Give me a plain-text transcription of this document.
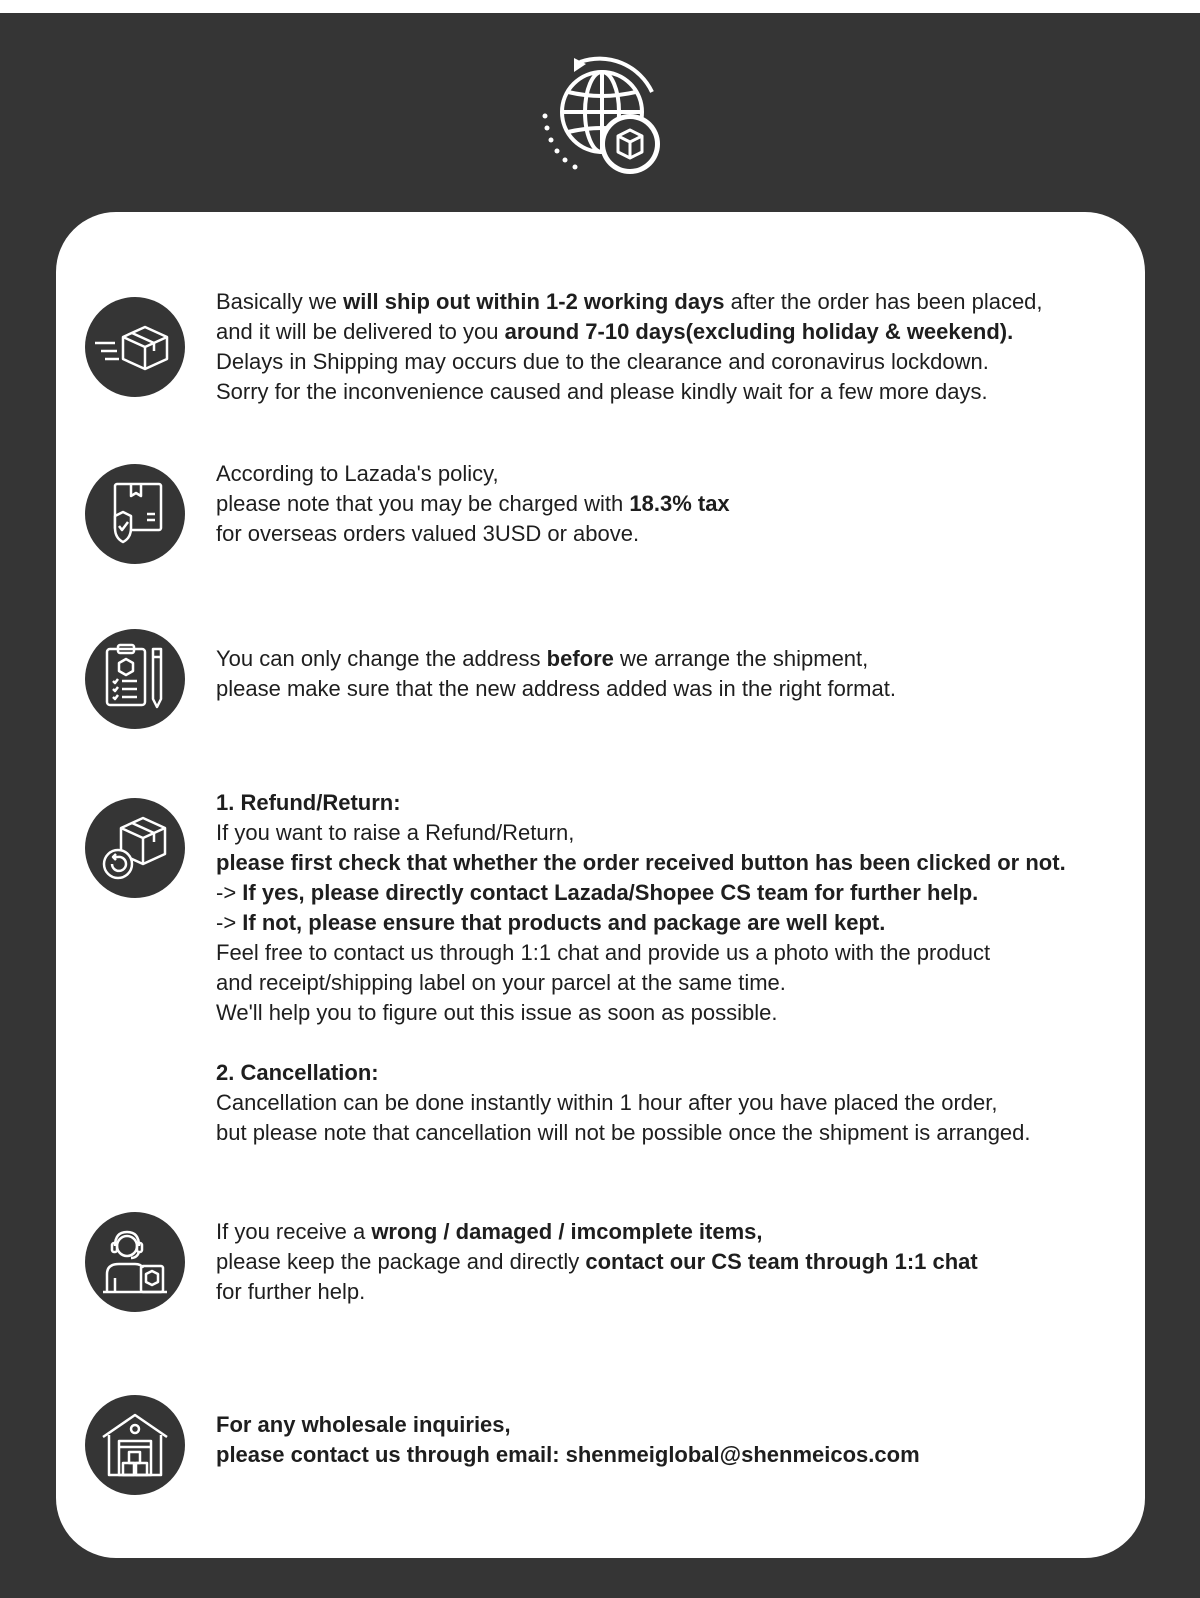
Basically we will ship out within 1-2 working days after the order has been placed,

and it will be delivered to you around 7-10 days(excluding holiday & weekend).

Delays in Shipping may occurs due to the clearance and coronavirus lockdown.

Sorry for the inconvenience caused and please kindly wait for a few more days.

According to Lazada's policy,

please note that you may be charged with 18.3% tax

for overseas orders valued 3USD or above.

You can only change the address before we arrange the shipment,

please make sure that the new address added was in the right format.

1. Refund/Return:

If you want to raise a Refund/Return,

please first check that whether the order received button has been clicked or not.

-> If yes, please directly contact Lazada/Shopee CS team for further help.

-> If not, please ensure that products and package are well kept.

Feel free to contact us through 1:1 chat and provide us a photo with the product

and receipt/shipping label on your parcel at the same time.

We'll help you to figure out this issue as soon as possible.

2. Cancellation:

Cancellation can be done instantly within 1 hour after you have placed the order,

but please note that cancellation will not be possible once the shipment is arranged.

If you receive a wrong / damaged / imcomplete items,

please keep the package and directly contact our CS team through 1:1 chat

for further help.

For any wholesale inquiries,

please contact us through email: shenmeiglobal@shenmeicos.com
